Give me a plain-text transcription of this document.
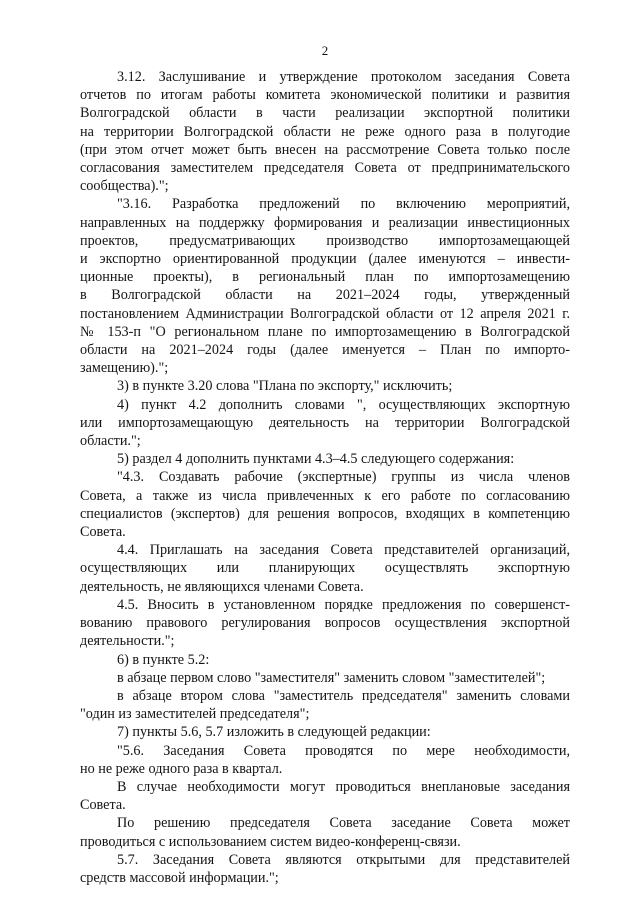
2
3.12. Заслушивание и утверждение протоколом заседания Совета
отчетов по итогам работы комитета экономической политики и развития
Волгоградской области в части реализации экспортной политики
на территории Волгоградской области не реже одного раза в полугодие
(при этом отчет может быть внесен на рассмотрение Совета только после
согласования заместителем председателя Совета от предпринимательского
сообщества).";
"3.16. Разработка предложений по включению мероприятий,
направленных на поддержку формирования и реализации инвестиционных
проектов, предусматривающих производство импортозамещающей
и экспортно ориентированной продукции (далее именуются – инвести-
ционные проекты), в региональный план по импортозамещению
в Волгоградской области на 2021–2024 годы, утвержденный
постановлением Администрации Волгоградской области от 12 апреля 2021 г.
№ 153-п "О региональном плане по импортозамещению в Волгоградской
области на 2021–2024 годы (далее именуется – План по импорто-
замещению).";
3) в пункте 3.20 слова "Плана по экспорту," исключить;
4) пункт 4.2 дополнить словами ", осуществляющих экспортную
или импортозамещающую деятельность на территории Волгоградской
области.";
5) раздел 4 дополнить пунктами 4.3–4.5 следующего содержания:
"4.3. Создавать рабочие (экспертные) группы из числа членов
Совета, а также из числа привлеченных к его работе по согласованию
специалистов (экспертов) для решения вопросов, входящих в компетенцию
Совета.
4.4. Приглашать на заседания Совета представителей организаций,
осуществляющих или планирующих осуществлять экспортную
деятельность, не являющихся членами Совета.
4.5. Вносить в установленном порядке предложения по совершенст-
вованию правового регулирования вопросов осуществления экспортной
деятельности.";
6) в пункте 5.2:
в абзаце первом слово "заместителя" заменить словом "заместителей";
в абзаце втором слова "заместитель председателя" заменить словами
"один из заместителей председателя";
7) пункты 5.6, 5.7 изложить в следующей редакции:
"5.6. Заседания Совета проводятся по мере необходимости,
но не реже одного раза в квартал.
В случае необходимости могут проводиться внеплановые заседания
Совета.
По решению председателя Совета заседание Совета может
проводиться с использованием систем видео-конференц-связи.
5.7. Заседания Совета являются открытыми для представителей
средств массовой информации.";
